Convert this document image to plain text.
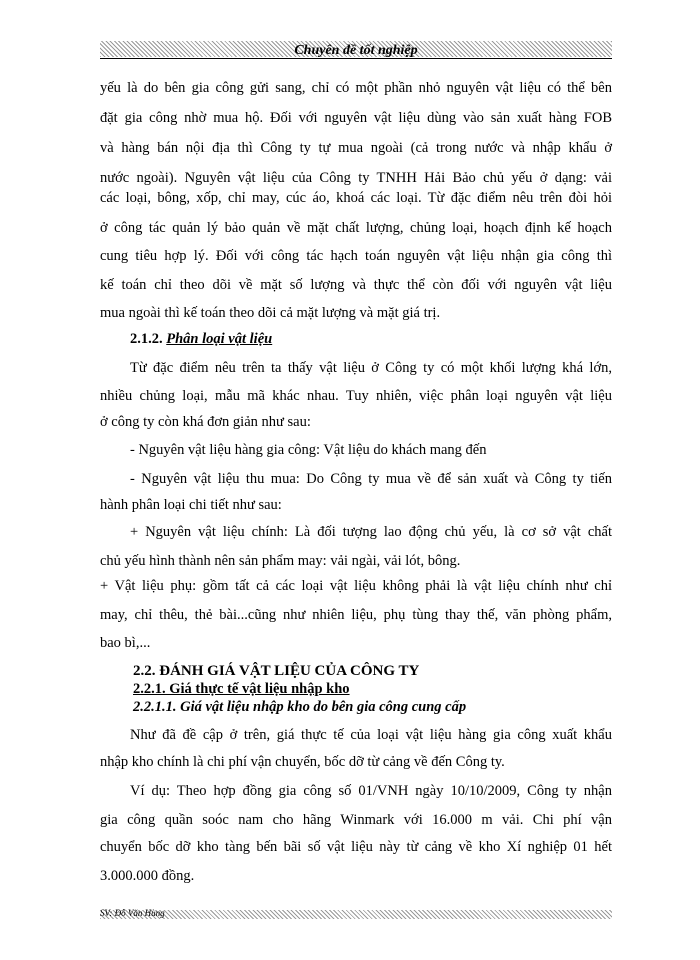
Chuyên đề tốt nghiệp
yếu là do bên gia công gửi sang, chỉ có một phần nhỏ nguyên vật liệu có thể bên
đặt gia công nhờ mua hộ. Đối với nguyên vật liệu dùng vào sản xuất hàng FOB
và hàng bán nội địa thì Công ty tự mua ngoài (cả trong nước và nhập khẩu ở
nước ngoài). Nguyên vật liệu của Công ty TNHH Hải Bảo chủ yếu ở dạng: vải
các loại, bông, xốp, chỉ may, cúc áo, khoá các loại. Từ đặc điểm nêu trên đòi hỏi
ở công tác quản lý bảo quản về mặt chất lượng, chủng loại, hoạch định kế hoạch
cung tiêu hợp lý. Đối với công tác hạch toán nguyên vật liệu nhận gia công thì
kế toán chỉ theo dõi về mặt số lượng và thực thể còn đối với nguyên vật liệu
mua ngoài thì kế toán theo dõi cả mặt lượng và mặt giá trị.
2.1.2. Phân loại vật liệu
Từ đặc điểm nêu trên ta thấy vật liệu ở Công ty có một khối lượng khá lớn,
nhiều chủng loại, mẫu mã khác nhau. Tuy nhiên, việc phân loại nguyên vật liệu
ở công ty còn khá đơn giản như sau:
- Nguyên vật liệu hàng gia công: Vật liệu do khách mang đến
- Nguyên vật liệu thu mua: Do Công ty mua về để sản xuất và Công ty tiến
hành phân loại chi tiết như sau:
+ Nguyên vật liệu chính: Là đối tượng lao động chủ yếu, là cơ sở vật chất
chủ yếu hình thành nên sản phẩm may: vải ngài, vải lót, bông.
+ Vật liệu phụ: gồm tất cả các loại vật liệu không phải là vật liệu chính như chỉ
may, chỉ thêu, thẻ bài...cũng như nhiên liệu, phụ tùng thay thế, văn phòng phẩm,
bao bì,...
2.2. ĐÁNH GIÁ VẬT LIỆU CỦA CÔNG TY
2.2.1. Giá thực tế vật liệu nhập kho
2.2.1.1. Giá vật liệu nhập kho do bên gia công cung cấp
Như đã đề cập ở trên, giá thực tế của loại vật liệu hàng gia công xuất khẩu
nhập kho chính là chi phí vận chuyển, bốc dỡ từ cảng về đến Công ty.
Ví dụ: Theo hợp đồng gia công số 01/VNH ngày 10/10/2009, Công ty nhận
gia công quần soóc nam cho hãng Winmark với 16.000 m vải. Chi phí vận
chuyển bốc dỡ kho tàng bến bãi số vật liệu này từ cảng về kho Xí nghiệp 01 hết
3.000.000 đồng.
SV: Đỗ Văn Hùng
